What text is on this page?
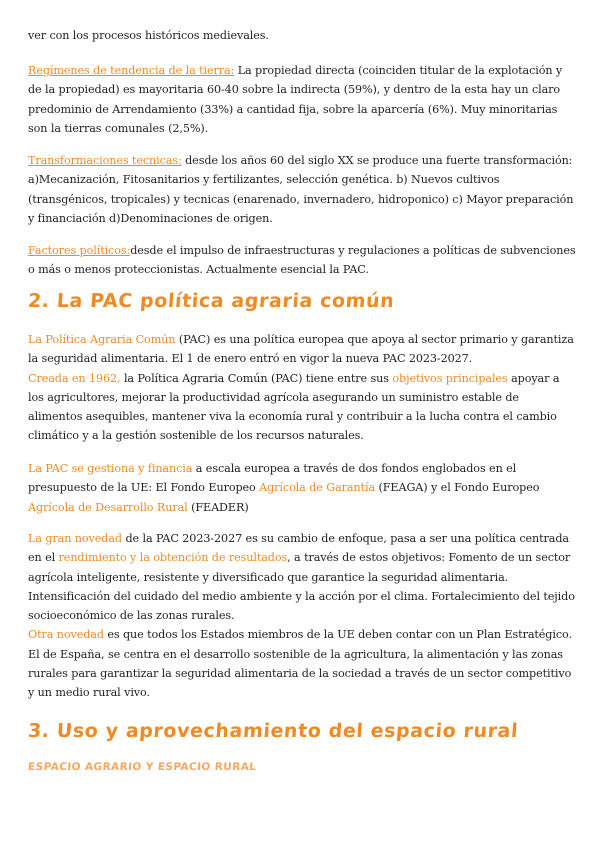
ver con los procesos históricos medievales.

Regímenes de tendencia de la tierra: La propiedad directa (coinciden titular de la explotación y de la propiedad) es mayoritaria 60-40 sobre la indirecta (59%), y dentro de la esta hay un claro predominio de Arrendamiento (33%) a cantidad fija, sobre la aparcería (6%). Muy minoritarias son la tierras comunales (2,5%).

Transformaciones tecnicas: desde los años 60 del siglo XX se produce una fuerte transformación: a)Mecanización, Fitosanitarios y fertilizantes, selección genética. b) Nuevos cultivos (transgénicos, tropicales) y tecnicas (enarenado, invernadero, hidroponico) c) Mayor preparación y financiación d)Denominaciones de origen.

Factores políticos:desde el impulso de infraestructuras y regulaciones a políticas de subvenciones o más o menos proteccionistas. Actualmente esencial la PAC.

2. La PAC política agraria común

La Política Agraria Común (PAC) es una política europea que apoya al sector primario y garantiza la seguridad alimentaria. El 1 de enero entró en vigor la nueva PAC 2023-2027.
Creada en 1962, la Política Agraria Común (PAC) tiene entre sus objetivos principales apoyar a los agricultores, mejorar la productividad agrícola asegurando un suministro estable de alimentos asequibles, mantener viva la economía rural y contribuir a la lucha contra el cambio climático y a la gestión sostenible de los recursos naturales.

La PAC se gestiona y financia a escala europea a través de dos fondos englobados en el presupuesto de la UE: El Fondo Europeo Agrícola de Garantía (FEAGA) y el Fondo Europeo Agrícola de Desarrollo Rural (FEADER)

La gran novedad de la PAC 2023-2027 es su cambio de enfoque, pasa a ser una política centrada en el rendimiento y la obtención de resultados, a través de estos objetivos: Fomento de un sector agrícola inteligente, resistente y diversificado que garantice la seguridad alimentaria. Intensificación del cuidado del medio ambiente y la acción por el clima. Fortalecimiento del tejido socioeconómico de las zonas rurales.
Otra novedad es que todos los Estados miembros de la UE deben contar con un Plan Estratégico. El de España, se centra en el desarrollo sostenible de la agricultura, la alimentación y las zonas rurales para garantizar la seguridad alimentaria de la sociedad a través de un sector competitivo y un medio rural vivo.

3. Uso y aprovechamiento del espacio rural
ESPACIO AGRARIO Y ESPACIO RURAL
